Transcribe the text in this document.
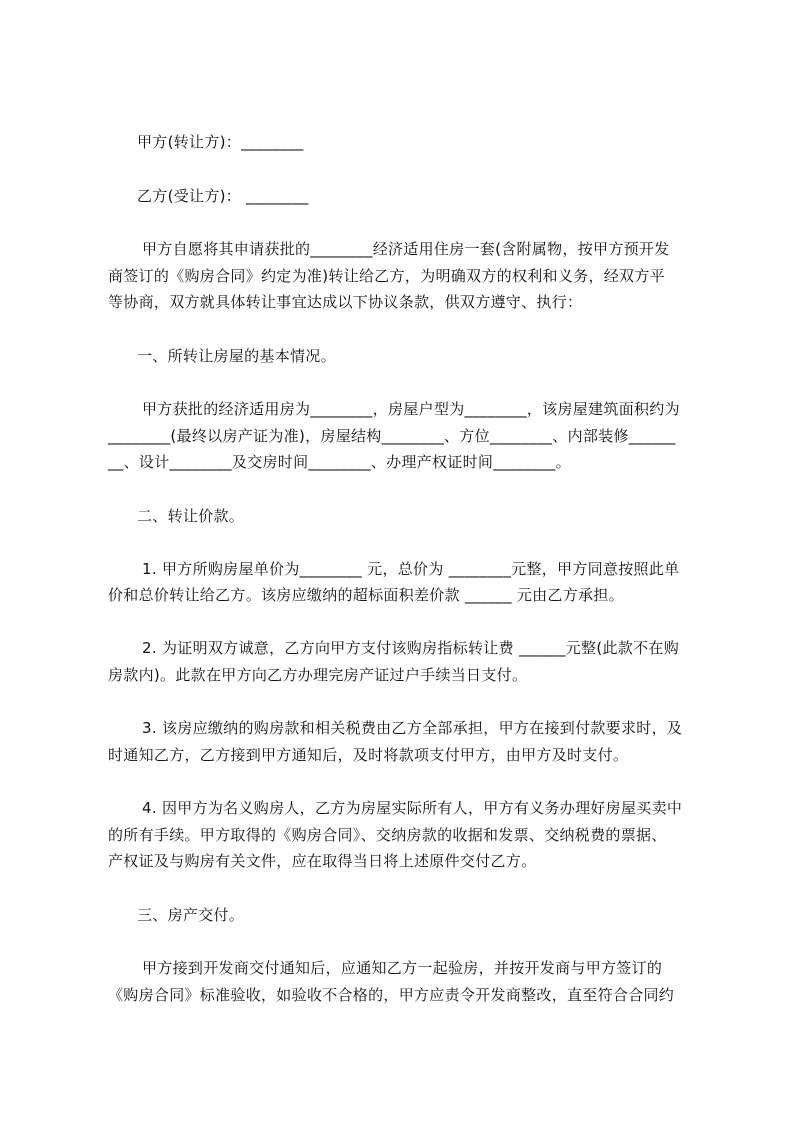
甲方(转让方)：________
乙方(受让方)： ________
甲方自愿将其申请获批的________经济适用住房一套(含附属物，按甲方预开发
商签订的《购房合同》约定为准)转让给乙方，为明确双方的权利和义务，经双方平
等协商，双方就具体转让事宜达成以下协议条款，供双方遵守、执行：
一、所转让房屋的基本情况。
甲方获批的经济适用房为________，房屋户型为________，该房屋建筑面积约为
________(最终以房产证为准)，房屋结构________、方位________、内部装修______
__、设计________及交房时间________、办理产权证时间________。
二、转让价款。
1. 甲方所购房屋单价为________ 元，总价为 ________元整，甲方同意按照此单
价和总价转让给乙方。该房应缴纳的超标面积差价款 ______ 元由乙方承担。
2. 为证明双方诚意，乙方向甲方支付该购房指标转让费 ______元整(此款不在购
房款内)。此款在甲方向乙方办理完房产证过户手续当日支付。
3. 该房应缴纳的购房款和相关税费由乙方全部承担，甲方在接到付款要求时，及
时通知乙方，乙方接到甲方通知后，及时将款项支付甲方，由甲方及时支付。
4. 因甲方为名义购房人，乙方为房屋实际所有人，甲方有义务办理好房屋买卖中
的所有手续。甲方取得的《购房合同》、交纳房款的收据和发票、交纳税费的票据、
产权证及与购房有关文件，应在取得当日将上述原件交付乙方。
三、房产交付。
甲方接到开发商交付通知后，应通知乙方一起验房，并按开发商与甲方签订的
《购房合同》标准验收，如验收不合格的，甲方应责令开发商整改，直至符合合同约
